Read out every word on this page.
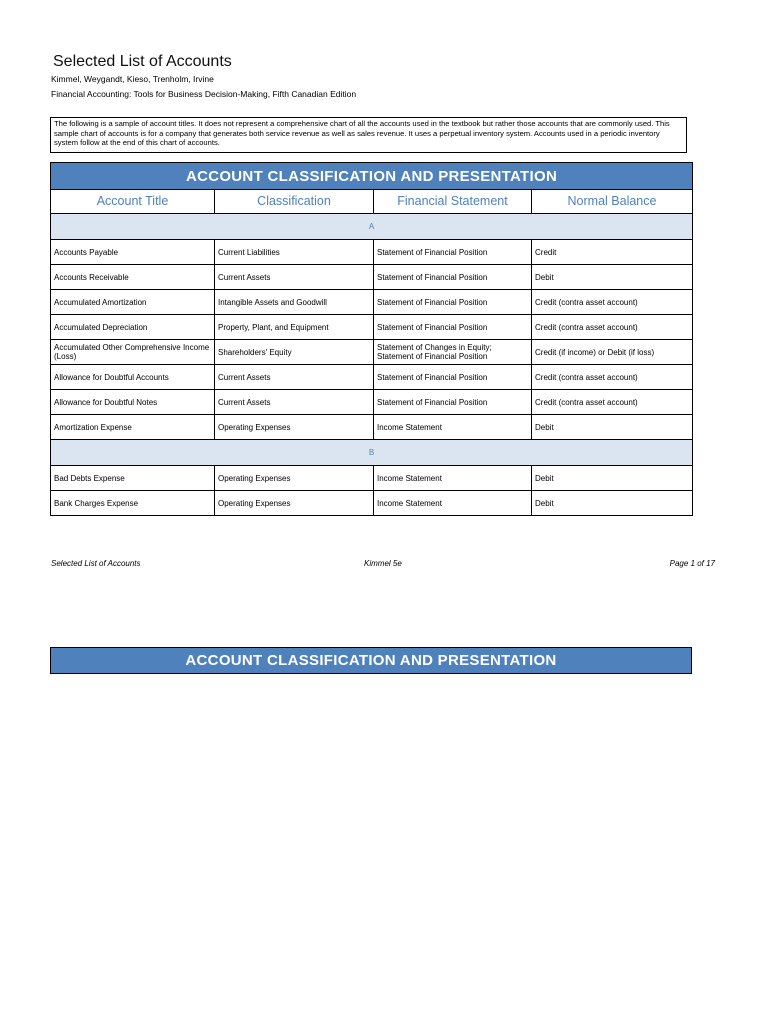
Selected List of Accounts
Kimmel, Weygandt, Kieso, Trenholm, Irvine
Financial Accounting: Tools for Business Decision-Making, Fifth Canadian Edition
The following is a sample of account titles. It does not represent a comprehensive chart of all the accounts used in the textbook but rather those accounts that are commonly used. This sample chart of accounts is for a company that generates both service revenue as well as sales revenue. It uses a perpetual inventory system. Accounts used in a periodic inventory system follow at the end of this chart of accounts.
ACCOUNT CLASSIFICATION AND PRESENTATION			
Account Title	Classification	Financial Statement	Normal Balance
A			
Accounts Payable	Current Liabilities	Statement of Financial Position	Credit
Accounts Receivable	Current Assets	Statement of Financial Position	Debit
Accumulated Amortization	Intangible Assets and Goodwill	Statement of Financial Position	Credit (contra asset account)
Accumulated Depreciation	Property, Plant, and Equipment	Statement of Financial Position	Credit (contra asset account)
Accumulated Other Comprehensive Income (Loss)	Shareholders' Equity	Statement of Changes in Equity; Statement of Financial Position	Credit (if income) or Debit (if loss)
Allowance for Doubtful Accounts	Current Assets	Statement of Financial Position	Credit (contra asset account)
Allowance for Doubtful Notes	Current Assets	Statement of Financial Position	Credit (contra asset account)
Amortization Expense	Operating Expenses	Income Statement	Debit
B			
Bad Debts Expense	Operating Expenses	Income Statement	Debit
Bank Charges Expense	Operating Expenses	Income Statement	Debit
Selected List of Accounts	Kimmel 5e	Page 1 of 17
ACCOUNT CLASSIFICATION AND PRESENTATION
